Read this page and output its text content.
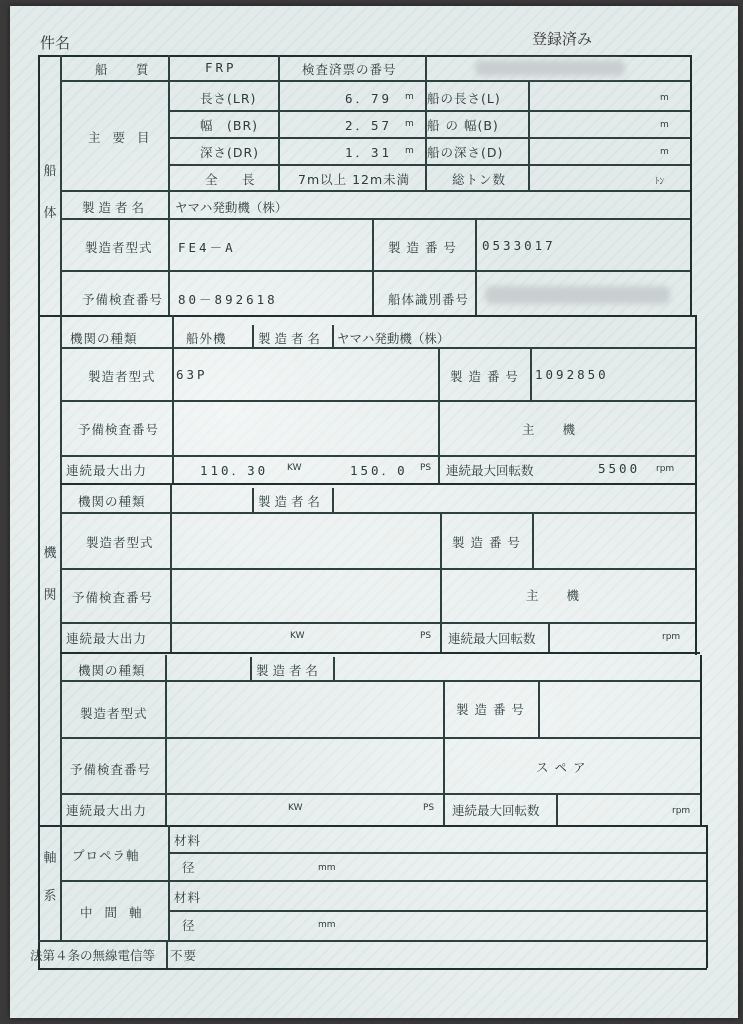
件名	登録済み
船
体
機
関
軸
系
船　質	FRP	検査済票の番号
主 要 目
長さ(LR)	6．79 m 船の長さ(L)	m
幅　(BR)	2．57 m 船 の 幅(B)	m
深さ(DR)	1．31 m 船の深さ(D)	m
全　長	7m以上 12m未満	総トン数	ﾄﾝ
製造者名 ヤマハ発動機（株）
製造者型式 FE4－A	製 造 番 号 0533017
予備検査番号 80－892618	船体識別番号
機関の種類	船外機	製 造 者 名 ヤマハ発動機（株）
製造者型式 63P	製 造 番 号 1092850
予備検査番号	主　　機
連続最大出力	110．30 KW	150．0 PS 連続最大回転数	5500 rpm
機関の種類	製 造 者 名
製造者型式	製 造 番 号
予備検査番号	主　　機
連続最大出力	KW	PS 連続最大回転数	rpm
機関の種類	製 造 者 名
製造者型式	製 造 番 号
予備検査番号	ス ペ ア
連続最大出力	KW	PS 連続最大回転数	rpm
プロペラ軸
材料
径	mm
中 間 軸
材料
径	mm
法第４条の無線電信等 不要
